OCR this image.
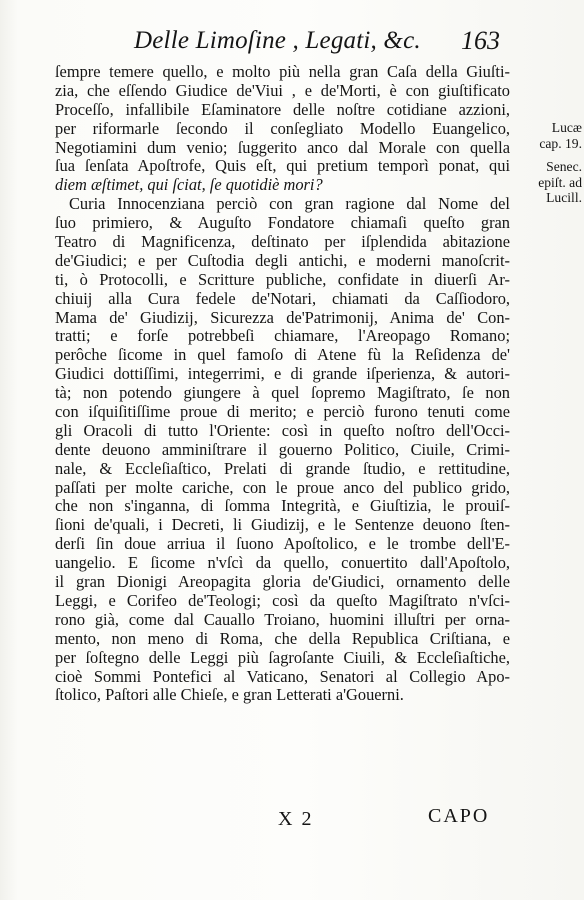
Delle Limoſine , Legati, &c. 163
ſempre temere quello, e molto più nella gran Caſa della Giuſti-
zia, che eſſendo Giudice de'Viui , e de'Morti, è con giuſtificato
Proceſſo, infallibile Eſaminatore delle noſtre cotidiane azzioni,
per riformarle ſecondo il conſegliato Modello Euangelico,
Negotiamini dum venio; ſuggerito anco dal Morale con quella
ſua ſenſata Apoſtrofe, Quis eſt, qui pretium temporì ponat, qui
diem æſtimet, qui ſciat, ſe quotidiè mori?
Curia Innocenziana perciò con gran ragione dal Nome del
ſuo primiero, & Auguſto Fondatore chiamaſi queſto gran
Teatro di Magnificenza, deſtinato per iſplendida abitazione
de'Giudici; e per Cuſtodia degli antichi, e moderni manoſcrit-
ti, ò Protocolli, e Scritture publiche, confidate in diuerſi Ar-
chiuij alla Cura fedele de'Notari, chiamati da Caſſiodoro,
Mama de' Giudizij, Sicurezza de'Patrimonij, Anima de' Con-
tratti; e forſe potrebbeſi chiamare, l'Areopago Romano;
perôche ſicome in quel famoſo di Atene fù la Reſidenza de'
Giudici dottiſſimi, integerrimi, e di grande iſperienza, & autori-
tà; non potendo giungere à quel ſopremo Magiſtrato, ſe non
con iſquiſitiſſime proue di merito; e perciò furono tenuti come
gli Oracoli di tutto l'Oriente: così in queſto noſtro dell'Occi-
dente deuono amminiſtrare il gouerno Politico, Ciuile, Crimi-
nale, & Eccleſiaſtico, Prelati di grande ſtudio, e rettitudine,
paſſati per molte cariche, con le proue anco del publico grido,
che non s'inganna, di ſomma Integrità, e Giuſtizia, le prouiſ-
ſioni de'quali, i Decreti, li Giudizij, e le Sentenze deuono ſten-
derſi ſin doue arriua il ſuono Apoſtolico, e le trombe dell'E-
uangelio. E ſicome n'vſcì da quello, conuertito dall'Apoſtolo,
il gran Dionigi Areopagita gloria de'Giudici, ornamento delle
Leggi, e Corifeo de'Teologi; così da queſto Magiſtrato n'vſci-
rono già, come dal Cauallo Troiano, huomini illuſtri per orna-
mento, non meno di Roma, che della Republica Criſtiana, e
per ſoſtegno delle Leggi più ſagroſante Ciuili, & Eccleſiaſtiche,
cioè Sommi Pontefici al Vaticano, Senatori al Collegio Apo-
ſtolico, Paſtori alle Chieſe, e gran Letterati a'Gouerni.
Lucæ
cap. 19.
Senec.
epiſt. ad
Lucill.
X 2	CAPO
